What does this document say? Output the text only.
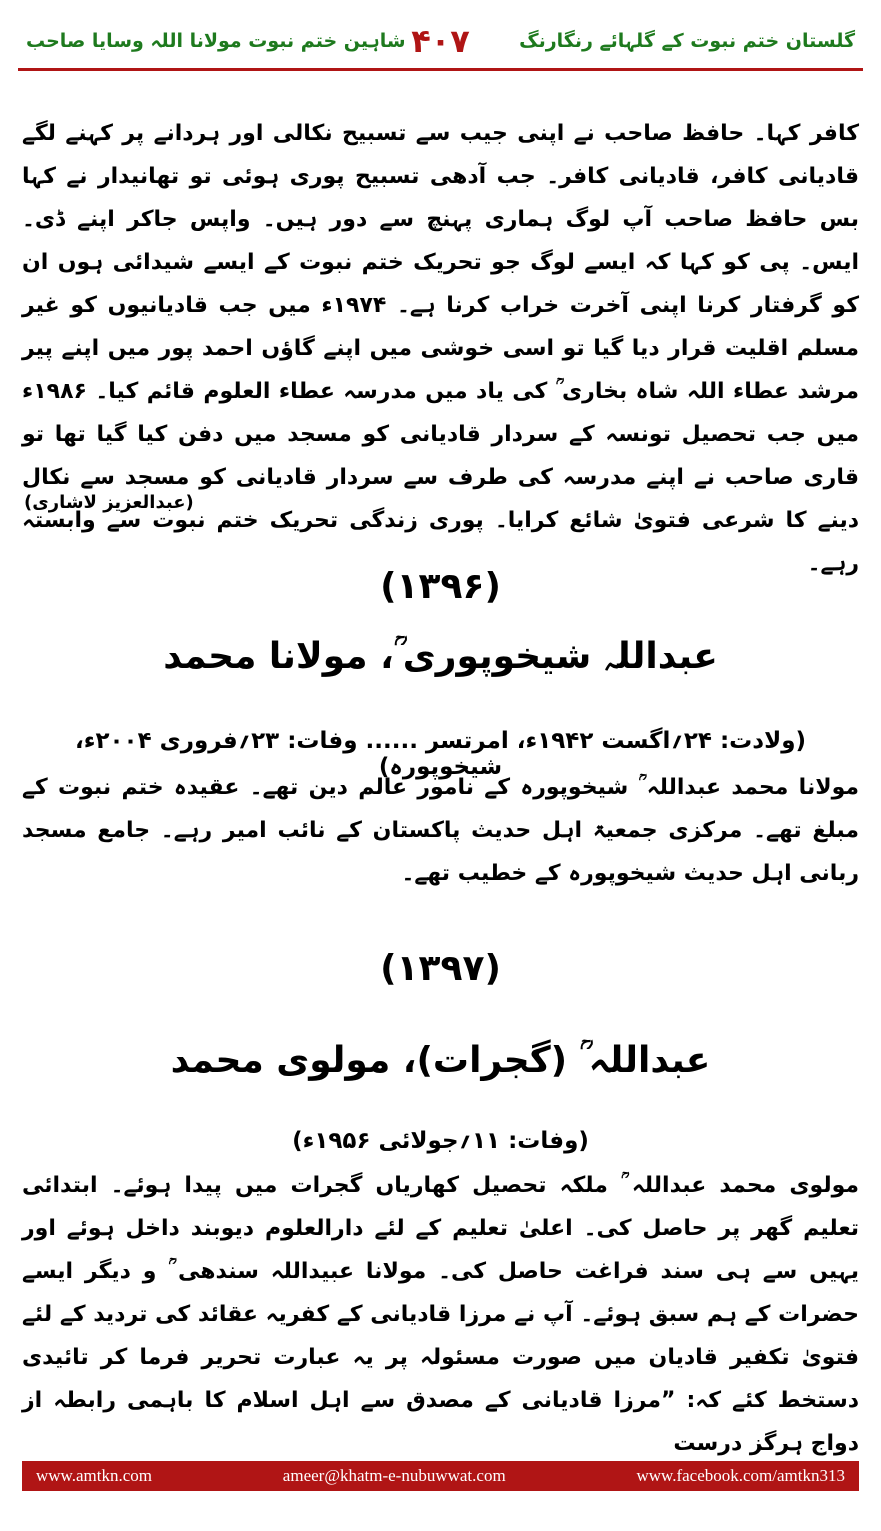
گلستان ختم نبوت کے گلہائے رنگارنگ
۴۰۷
شاہین ختم نبوت مولانا اللہ وسایا صاحب
کافر کہا۔ حافظ صاحب نے اپنی جیب سے تسبیح نکالی اور ہردانے پر کہنے لگے قادیانی کافر، قادیانی کافر۔ جب آدھی تسبیح پوری ہوئی تو تھانیدار نے کہا بس حافظ صاحب آپ لوگ ہماری پہنچ سے دور ہیں۔ واپس جاکر اپنے ڈی۔ ایس۔ پی کو کہا کہ ایسے لوگ جو تحریک ختم نبوت کے ایسے شیدائی ہوں ان کو گرفتار کرنا اپنی آخرت خراب کرنا ہے۔ ۱۹۷۴ء میں جب قادیانیوں کو غیر مسلم اقلیت قرار دیا گیا تو اسی خوشی میں اپنے گاؤں احمد پور میں اپنے پیر مرشد عطاء اللہ شاہ بخاری ؒ کی یاد میں مدرسہ عطاء العلوم قائم کیا۔ ۱۹۸۶ء میں جب تحصیل تونسہ کے سردار قادیانی کو مسجد میں دفن کیا گیا تھا تو قاری صاحب نے اپنے مدرسہ کی طرف سے سردار قادیانی کو مسجد سے نکال دینے کا شرعی فتویٰ شائع کرایا۔ پوری زندگی تحریک ختم نبوت سے وابستہ رہے۔
(عبدالعزیز لاشاری)
(۱۳۹۶)
عبداللہ شیخوپوری ؒ، مولانا محمد
(ولادت: ۲۴؍اگست ۱۹۴۲ء، امرتسر ...... وفات: ۲۳؍فروری ۲۰۰۴ء، شیخوپورہ)
مولانا محمد عبداللہ ؒ شیخوپورہ کے نامور عالم دین تھے۔ عقیدہ ختم نبوت کے مبلغ تھے۔ مرکزی جمعیۃ اہل حدیث پاکستان کے نائب امیر رہے۔ جامع مسجد ربانی اہل حدیث شیخوپورہ کے خطیب تھے۔
(۱۳۹۷)
عبداللہ ؒ (گجرات)، مولوی محمد
(وفات: ۱۱؍جولائی ۱۹۵۶ء)
مولوی محمد عبداللہ ؒ ملکہ تحصیل کھاریاں گجرات میں پیدا ہوئے۔ ابتدائی تعلیم گھر پر حاصل کی۔ اعلیٰ تعلیم کے لئے دارالعلوم دیوبند داخل ہوئے اور یہیں سے ہی سند فراغت حاصل کی۔ مولانا عبیداللہ سندھی ؒ و دیگر ایسے حضرات کے ہم سبق ہوئے۔ آپ نے مرزا قادیانی کے کفریہ عقائد کی تردید کے لئے فتویٰ تکفیر قادیان میں صورت مسئولہ پر یہ عبارت تحریر فرما کر تائیدی دستخط کئے کہ: ”مرزا قادیانی کے مصدق سے اہل اسلام کا باہمی رابطہ از دواج ہرگز درست
www.amtkn.com	ameer@khatm-e-nubuwwat.com	www.facebook.com/amtkn313
